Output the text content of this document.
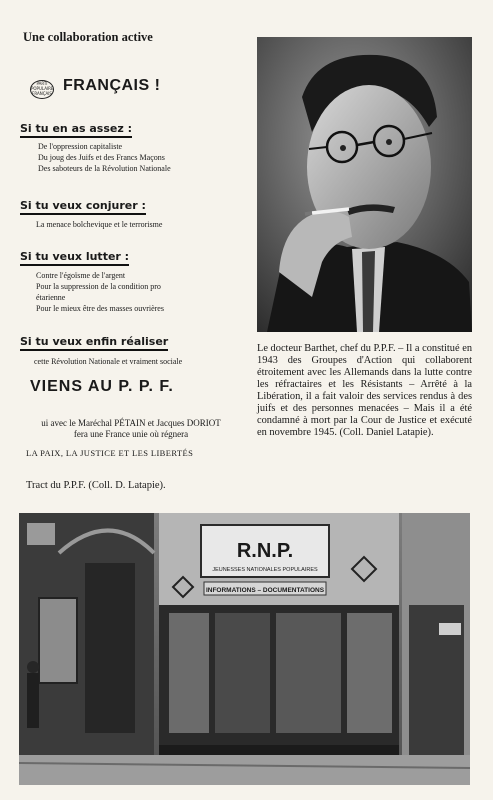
Une collaboration active
PARTI POPULAIRE FRANÇAIS FRANÇAIS !
Si tu en as assez :
De l'oppression capitaliste
Du joug des Juifs et des Francs Maçons
Des saboteurs de la Révolution Nationale
Si tu veux conjurer :
La menace bolchevique et le terrorisme
Si tu veux lutter :
Contre l'égoïsme de l'argent
Pour la suppression de la condition pro
étarienne
Pour le mieux être des masses ouvrières
Si tu veux enfin réaliser
cette Révolution Nationale et vraiment sociale
VIENS AU P. P. F.
ui avec le Maréchal PÉTAIN et Jacques DORIOT
fera une France unie où régnera
LA PAIX, LA JUSTICE ET LES LIBERTÉS
Tract du P.P.F. (Coll. D. Latapie).
Le docteur Barthet, chef du P.P.F. – Il a constitué en 1943 des Groupes d'Action qui collaborent étroitement avec les Allemands dans la lutte contre les réfractaires et les Résistants – Arrêté à la Libération, il a fait valoir des services rendus à des juifs et des personnes menacées – Mais il a été condamné à mort par la Cour de Justice et exécuté en novembre 1945. (Coll. Daniel Latapie).
R.N.P.
JEUNESSES NATIONALES POPULAIRES
INFORMATIONS – DOCUMENTATIONS
